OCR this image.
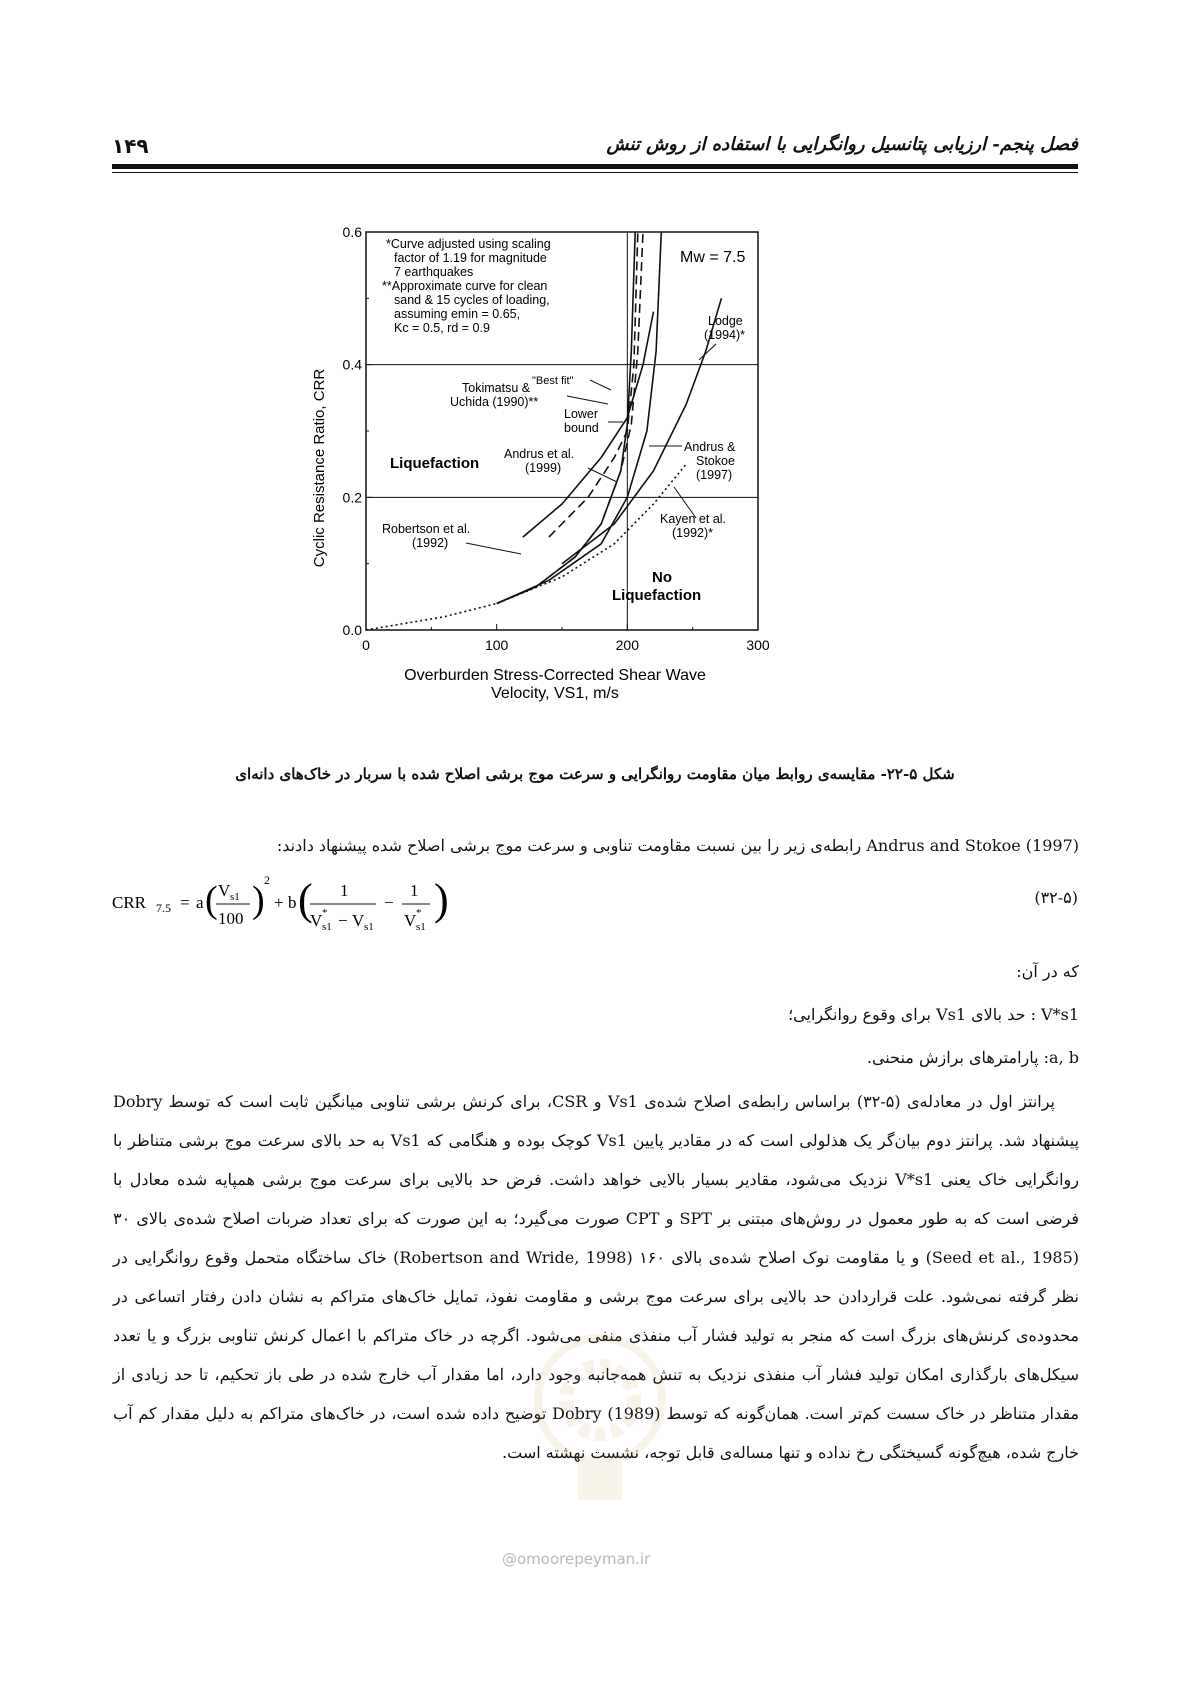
۱۴۹	فصل پنجم- ارزیابی پتانسیل روانگرایی با استفاده از روش تنش
0	100	200	300
0.0
0.2
0.4
0.6
Cyclic Resistance Ratio, CRR
Overburden Stress-Corrected Shear Wave
Velocity, VS1, m/s
Mw = 7.5
*Curve adjusted using scaling
factor of 1.19 for magnitude
7 earthquakes
**Approximate curve for clean
sand & 15 cycles of loading,
assuming emin = 0.65,
Kc = 0.5, rd = 0.9
Liquefaction
No
Liquefaction
Lodge
(1994)*
"Best fit"
Tokimatsu &
Uchida (1990)**
Lower
bound
Andrus et al.
(1999)
Andrus &
Stokoe
(1997)
Kayen et al.
(1992)*
Robertson et al.
(1992)
شکل ۵-۲۲- مقایسه‌ی روابط میان مقاومت روانگرایی و سرعت موج برشی اصلاح شده با سربار در خاک‌های دانه‌ای
Andrus and Stokoe (1997) رابطه‌ی زیر را بین نسبت مقاومت تناوبی و سرعت موج برشی اصلاح شده پیشنهاد دادند:
CRR 7.5 = a ( V s1
100 ) 2
+ b ( 1
V *
s1 − V s1
−
1
V *
s1
)	(۳۲-۵)
که در آن:
V*s1 : حد بالای Vs1 برای وقوع روانگرایی؛
a, b: پارامترهای برازش منحنی.
پرانتز اول در معادله‌ی (۵-۳۲) براساس رابطه‌ی اصلاح شده‌ی Vs1 و CSR، برای کرنش برشی تناوبی میانگین ثابت است که توسط Dobry پیشنهاد شد. پرانتز دوم بیان‌گر یک هذلولی است که در مقادیر پایین Vs1 کوچک بوده و هنگامی که Vs1 به حد بالای سرعت موج برشی متناظر با روانگرایی خاک یعنی V*s1 نزدیک می‌شود، مقادیر بسیار بالایی خواهد داشت. فرض حد بالایی برای سرعت موج برشی همپایه شده معادل با فرضی است که به طور معمول در روش‌های مبتنی بر SPT و CPT صورت می‌گیرد؛ به این صورت که برای تعداد ضربات اصلاح شده‌ی بالای ۳۰ (Seed et al., 1985) و یا مقاومت نوک اصلاح شده‌ی بالای ۱۶۰ (Robertson and Wride, 1998) خاک ساختگاه متحمل وقوع روانگرایی در نظر گرفته نمی‌شود. علت قراردادن حد بالایی برای سرعت موج برشی و مقاومت نفوذ، تمایل خاک‌های متراکم به نشان دادن رفتار اتساعی در محدوده‌ی کرنش‌های بزرگ است که منجر به تولید فشار آب منفذی منفی می‌شود. اگرچه در خاک متراکم با اعمال کرنش تناوبی بزرگ و یا تعدد سیکل‌های بارگذاری امکان تولید فشار آب منفذی نزدیک به تنش همه‌جانبه وجود دارد، اما مقدار آب خارج شده در طی باز تحکیم، تا حد زیادی از مقدار متناظر در خاک سست کم‌تر است. همان‌گونه که توسط Dobry (1989) توضیح داده شده است، در خاک‌های متراکم به دلیل مقدار کم آب خارج شده، هیچ‌گونه گسیختگی رخ نداده و تنها مساله‌ی قابل توجه، نشست نهشته است.
@omoorepeyman.ir
